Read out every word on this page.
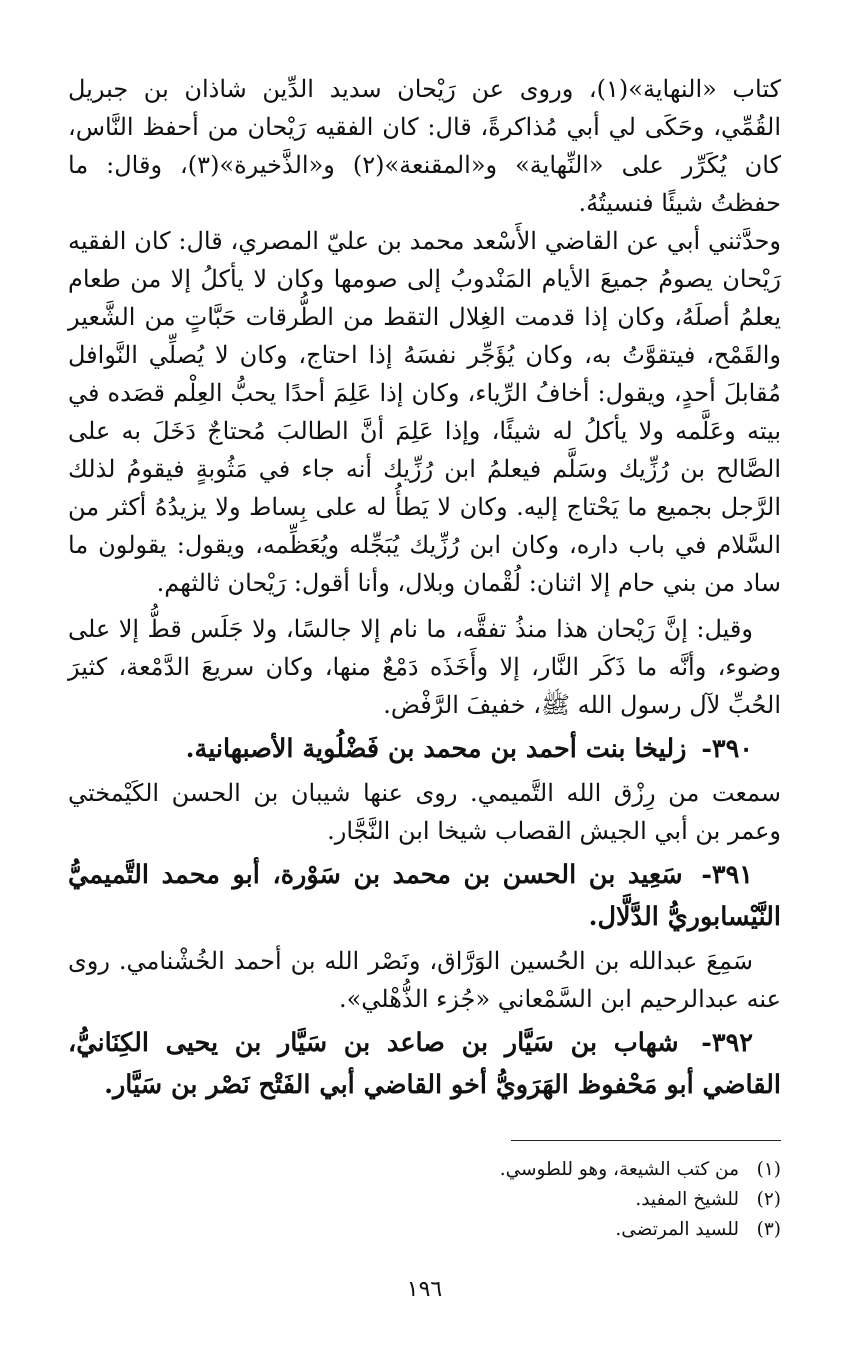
كتاب «النهاية»(١)، وروى عن رَيْحان سديد الدِّين شاذان بن جبريل القُمِّي، وحَكَى لي أبي مُذاكرةً، قال: كان الفقيه رَيْحان من أحفظ النَّاس، كان يُكَرِّر على «النِّهاية» و«المقنعة»(٢) و«الذَّخيرة»(٣)، وقال: ما حفظتُ شيئًا فنسيتُهُ.

وحدَّثني أبي عن القاضي الأَسْعد محمد بن عليّ المصري، قال: كان الفقيه رَيْحان يصومُ جميعَ الأيام المَنْدوبُ إلى صومها وكان لا يأكلُ إلا من طعام يعلمُ أصلَهُ، وكان إذا قدمت الغِلال التقط من الطُّرقات حَبَّاتٍ من الشَّعير والقَمْح، فيتقوَّتُ به، وكان يُؤَجِّر نفسَهُ إذا احتاج، وكان لا يُصلِّي النَّوافل مُقابلَ أحدٍ، ويقول: أخافُ الرِّياء، وكان إذا عَلِمَ أحدًا يحبُّ العِلْم قصَده في بيته وعَلَّمه ولا يأكلُ له شيئًا، وإذا عَلِمَ أنَّ الطالبَ مُحتاجٌ دَخَلَ به على الصَّالح بن رُزِّيك وسَلَّم فيعلمُ ابن رُزِّيك أنه جاء في مَثُوبةٍ فيقومُ لذلك الرَّجل بجميع ما يَحْتاج إليه. وكان لا يَطأُ له على بِساط ولا يزيدُهُ أكثر من السَّلام في باب داره، وكان ابن رُزِّيك يُبَجِّله ويُعَظِّمه، ويقول: يقولون ما ساد من بني حام إلا اثنان: لُقْمان وبلال، وأنا أقول: رَيْحان ثالثهم.

وقيل: إنَّ رَيْحان هذا منذُ تفقَّه، ما نام إلا جالسًا، ولا جَلَس قطُّ إلا على وضوء، وأنَّه ما ذَكَر النَّار، إلا وأَخَذَه دَمْعٌ منها، وكان سريعَ الدَّمْعة، كثيرَ الحُبِّ لآل رسول الله ﷺ، خفيفَ الرَّفْض.

٣٩٠- زليخا بنت أحمد بن محمد بن فَضْلُوية الأصبهانية.

سمعت من رِزْق الله التَّميمي. روى عنها شيبان بن الحسن الكَيْمختي وعمر بن أبي الجيش القصاب شيخا ابن النَّجَّار.

٣٩١- سَعِيد بن الحسن بن محمد بن سَوْرة، أبو محمد التَّميميُّ النَّيْسابوريُّ الدَّلَّال.

سَمِعَ عبدالله بن الحُسين الوَرَّاق، ونَصْر الله بن أحمد الخُشْنامي. روى عنه عبدالرحيم ابن السَّمْعاني «جُزء الذُّهْلي».

٣٩٢- شهاب بن سَيَّار بن صاعد بن سَيَّار بن يحيى الكِنَانيُّ، القاضي أبو مَحْفوظ الهَرَويُّ أخو القاضي أبي الفَتْح نَصْر بن سَيَّار.

(١)
من كتب الشيعة، وهو للطوسي.

(٢)
للشيخ المفيد.

(٣)
للسيد المرتضى.

١٩٦
